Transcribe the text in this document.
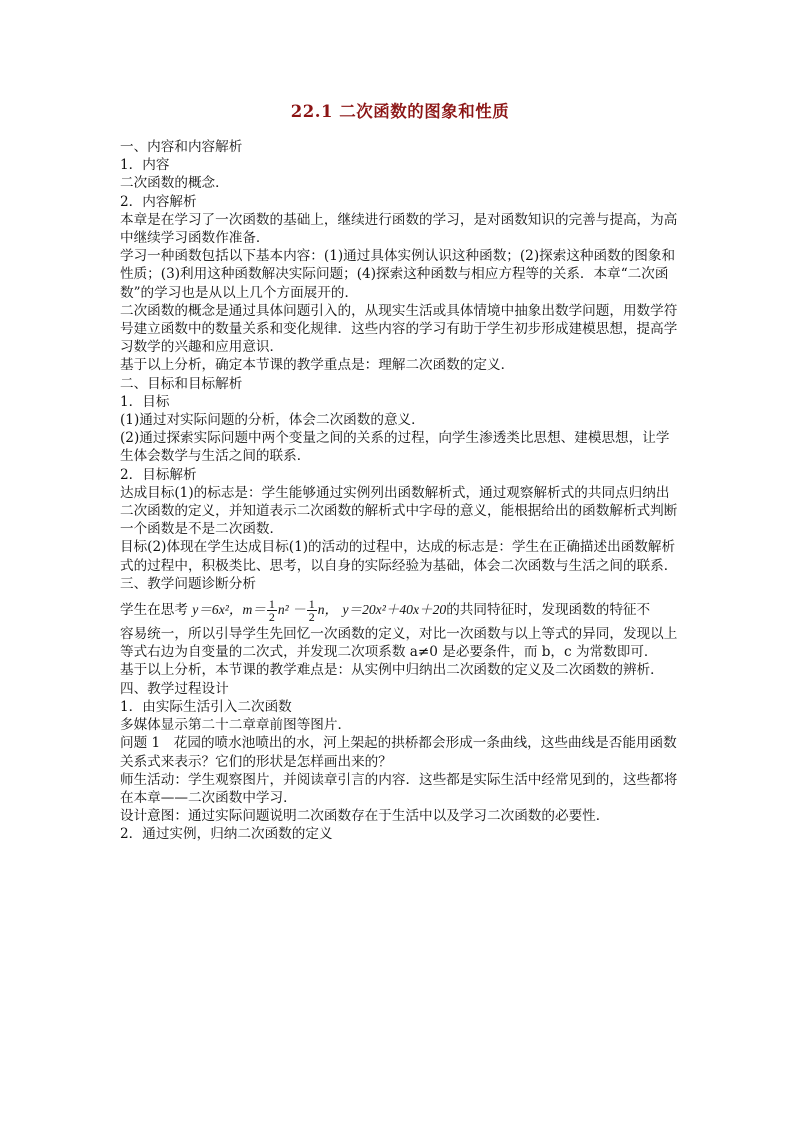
22.1 二次函数的图象和性质

一、内容和内容解析

1．内容

二次函数的概念．

2．内容解析

本章是在学习了一次函数的基础上，继续进行函数的学习，是对函数知识的完善与提高，为高中继续学习函数作准备．

学习一种函数包括以下基本内容：(1)通过具体实例认识这种函数；(2)探索这种函数的图象和性质；(3)利用这种函数解决实际问题；(4)探索这种函数与相应方程等的关系．本章“二次函数”的学习也是从以上几个方面展开的．

二次函数的概念是通过具体问题引入的，从现实生活或具体情境中抽象出数学问题，用数学符号建立函数中的数量关系和变化规律．这些内容的学习有助于学生初步形成建模思想，提高学习数学的兴趣和应用意识．

基于以上分析，确定本节课的教学重点是：理解二次函数的定义．

二、目标和目标解析

1．目标

(1)通过对实际问题的分析，体会二次函数的意义．

(2)通过探索实际问题中两个变量之间的关系的过程，向学生渗透类比思想、建模思想，让学生体会数学与生活之间的联系．

2．目标解析

达成目标(1)的标志是：学生能够通过实例列出函数解析式，通过观察解析式的共同点归纳出二次函数的定义，并知道表示二次函数的解析式中字母的意义，能根据给出的函数解析式判断一个函数是不是二次函数．

目标(2)体现在学生达成目标(1)的活动的过程中，达成的标志是：学生在正确描述出函数解析式的过程中，积极类比、思考，以自身的实际经验为基础，体会二次函数与生活之间的联系．

三、教学问题诊断分析

学生在思考 y＝6x²，$m= \frac{1}{2} n^2 - \frac{1}{2}$ n， y＝20x²＋40x＋20的共同特征时，发现函数的特征不

容易统一，所以引导学生先回忆一次函数的定义，对比一次函数与以上等式的异同，发现以上等式右边为自变量的二次式，并发现二次项系数 a≠0 是必要条件，而 b，c 为常数即可．

基于以上分析，本节课的教学难点是：从实例中归纳出二次函数的定义及二次函数的辨析．

四、教学过程设计

1．由实际生活引入二次函数

多媒体显示第二十二章章前图等图片．

问题 1　花园的喷水池喷出的水，河上架起的拱桥都会形成一条曲线，这些曲线是否能用函数关系式来表示？它们的形状是怎样画出来的？

师生活动：学生观察图片，并阅读章引言的内容．这些都是实际生活中经常见到的，这些都将在本章——二次函数中学习．

设计意图：通过实际问题说明二次函数存在于生活中以及学习二次函数的必要性．

2．通过实例，归纳二次函数的定义
